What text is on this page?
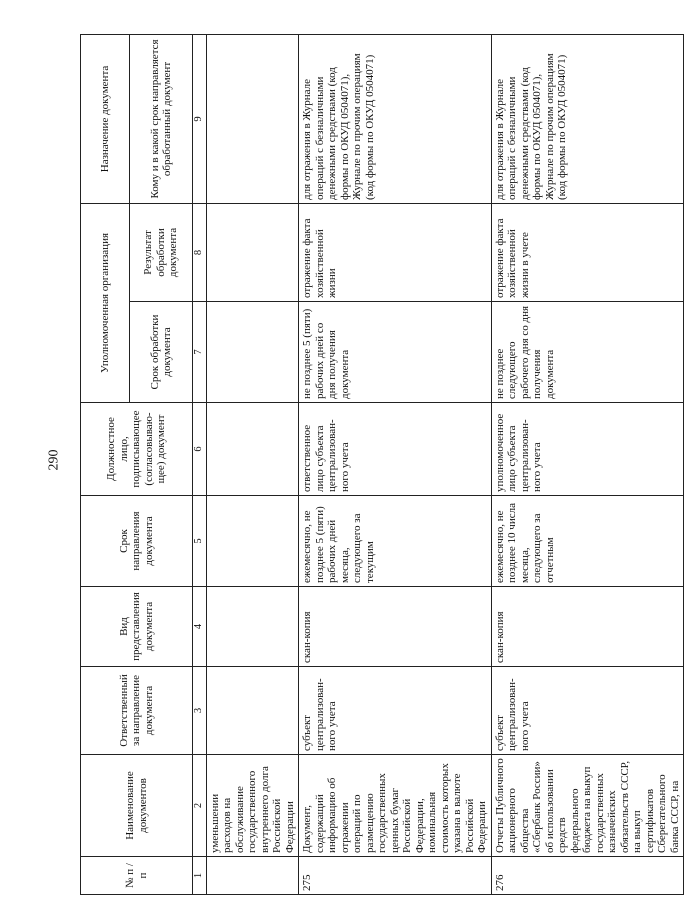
290
№ п / п	Наименование документов	Ответственный за направление документа	Вид представления документа	Срок направления документа	Должностное лицо, подписывающее (согласовываю-щее) документ	Уполномоченная организация		Назначение документа
						Срок обработки документа	Результат обработки документа	Кому и в какой срок направляется обработанный документ
1	2	3	4	5	6	7	8	9
	уменьшении расходов на обслуживание государственного внутреннего долга Российской Федерации							
275	Документ, содержащий информацию об отражении операций по размещению государственных ценных бумаг Российской Федерации, номинальная стоимость которых указана в валюте Российской Федерации	субъект централизован-ного учета	скан-копия	ежемесячно, не позднее 5 (пяти) рабочих дней месяца, следующего за текущим	ответственное лицо субъекта централизован-ного учета	не позднее 5 (пяти) рабочих дней со дня получения документа	отражение факта хозяйственной жизни	для отражения в Журнале операций с безналичными денежными средствами (код формы по ОКУД 0504071), Журнале по прочим операциям (код формы по ОКУД 0504071)
276	Отчеты Публичного акционерного общества «Сбербанк России» об использовании средств федерального бюджета на выкуп государственных казначейских обязательств СССР, на выкуп сертификатов Сберегательного банка СССР, на	субъект централизован-ного учета	скан-копия	ежемесячно, не позднее 10 числа месяца, следующего за отчетным	уполномоченное лицо субъекта централизован-ного учета	не позднее следующего рабочего дня со дня получения документа	отражение факта хозяйственной жизни в учете	для отражения в Журнале операций с безналичными денежными средствами (код формы по ОКУД 0504071), Журнале по прочим операциям (код формы по ОКУД 0504071)
